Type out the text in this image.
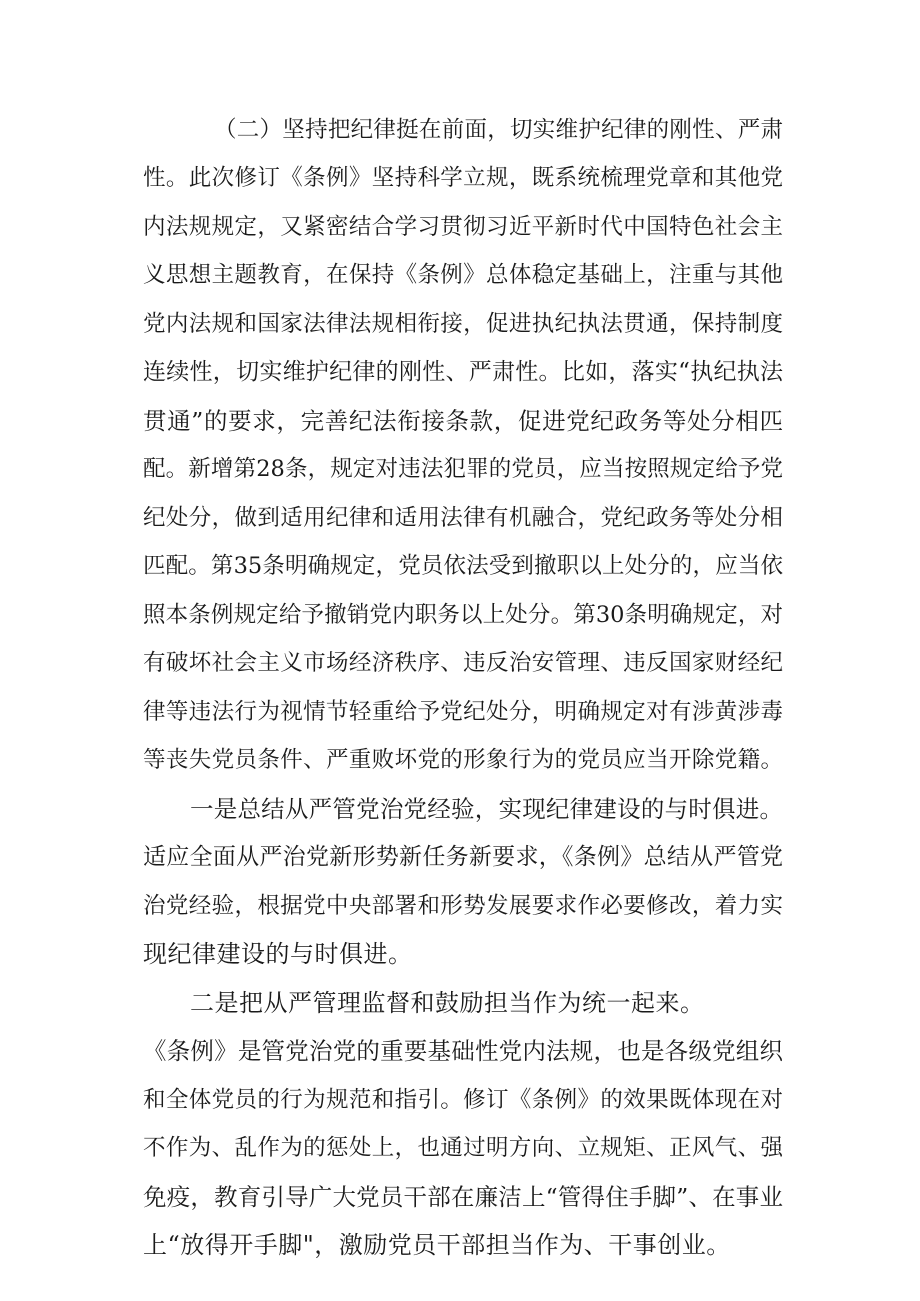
（二）坚持把纪律挺在前面，切实维护纪律的刚性、严肃
性。此次修订《条例》坚持科学立规，既系统梳理党章和其他党
内法规规定，又紧密结合学习贯彻习近平新时代中国特色社会主
义思想主题教育，在保持《条例》总体稳定基础上，注重与其他
党内法规和国家法律法规相衔接，促进执纪执法贯通，保持制度
连续性，切实维护纪律的刚性、严肃性。比如，落实“执纪执法
贯通”的要求，完善纪法衔接条款，促进党纪政务等处分相匹
配。新增第28条，规定对违法犯罪的党员，应当按照规定给予党
纪处分，做到适用纪律和适用法律有机融合，党纪政务等处分相
匹配。第35条明确规定，党员依法受到撤职以上处分的，应当依
照本条例规定给予撤销党内职务以上处分。第30条明确规定，对
有破坏社会主义市场经济秩序、违反治安管理、违反国家财经纪
律等违法行为视情节轻重给予党纪处分，明确规定对有涉黄涉毒
等丧失党员条件、严重败坏党的形象行为的党员应当开除党籍。
一是总结从严管党治党经验，实现纪律建设的与时俱进。
适应全面从严治党新形势新任务新要求，《条例》总结从严管党
治党经验，根据党中央部署和形势发展要求作必要修改，着力实
现纪律建设的与时俱进。
二是把从严管理监督和鼓励担当作为统一起来。
《条例》是管党治党的重要基础性党内法规，也是各级党组织
和全体党员的行为规范和指引。修订《条例》的效果既体现在对
不作为、乱作为的惩处上，也通过明方向、立规矩、正风气、强
免疫，教育引导广大党员干部在廉洁上“管得住手脚”、在事业
上“放得开手脚"，激励党员干部担当作为、干事创业。
